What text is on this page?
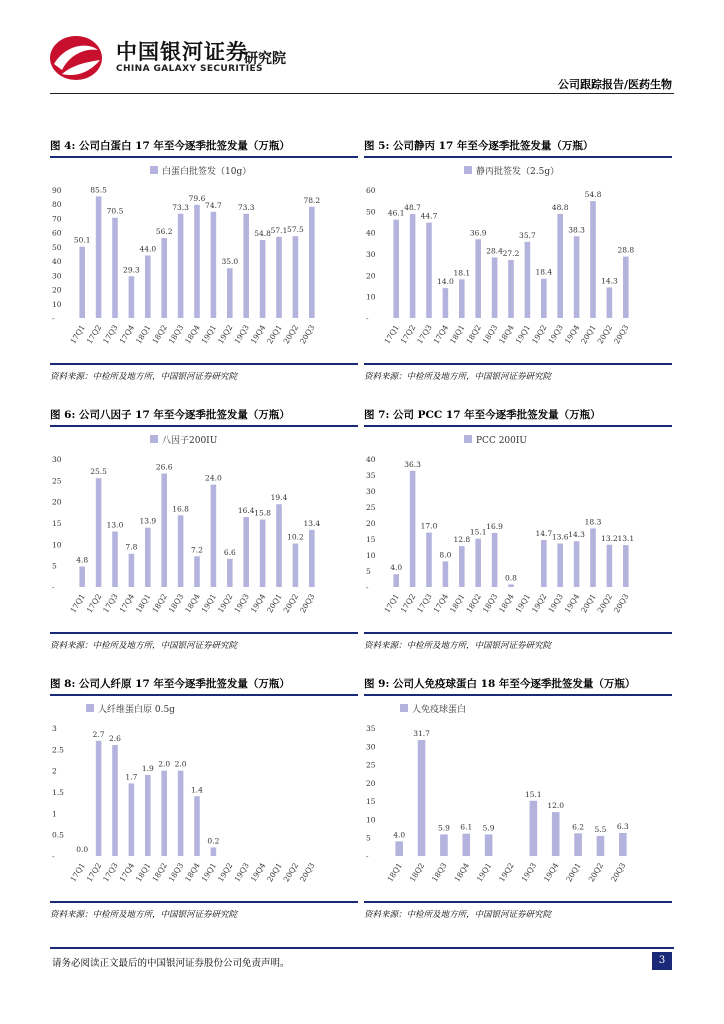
中国银河证券
CHINA GALAXY SECURITIES
研究院
公司跟踪报告/医药生物
图 4: 公司白蛋白 17 年至今逐季批签发量（万瓶）
白蛋白批签发（10g）
-
10
20
30
40
50
60
70
80
90
50.1
17Q1
85.5
17Q2
70.5
17Q3
29.3
17Q4
44.0
18Q1
56.2
18Q2
73.3
18Q3
79.6
18Q4
74.7
19Q1
35.0
19Q2
73.3
19Q3
54.8
19Q4
57.1
20Q1
57.5
20Q2
78.2
20Q3
资料来源：中检所及地方所，中国银河证券研究院
图 5: 公司静丙 17 年至今逐季批签发量（万瓶）
静丙批签发（2.5g）
-
10
20
30
40
50
60
46.1
17Q1
48.7
17Q2
44.7
17Q3
14.0
17Q4
18.1
18Q1
36.9
18Q2
28.4
18Q3
27.2
18Q4
35.7
19Q1
18.4
19Q2
48.8
19Q3
38.3
19Q4
54.8
20Q1
14.3
20Q2
28.8
20Q3
资料来源：中检所及地方所，中国银河证券研究院
图 6: 公司八因子 17 年至今逐季批签发量（万瓶）
八因子200IU
-
5
10
15
20
25
30
4.8
17Q1
25.5
17Q2
13.0
17Q3
7.8
17Q4
13.9
18Q1
26.6
18Q2
16.8
18Q3
7.2
18Q4
24.0
19Q1
6.6
19Q2
16.4
19Q3
15.8
19Q4
19.4
20Q1
10.2
20Q2
13.4
20Q3
资料来源：中检所及地方所，中国银河证券研究院
图 7: 公司 PCC 17 年至今逐季批签发量（万瓶）
PCC 200IU
-
5
10
15
20
25
30
35
40
4.0
17Q1
36.3
17Q2
17.0
17Q3
8.0
17Q4
12.8
18Q1
15.1
18Q2
16.9
18Q3
0.8
18Q4
19Q1
14.7
19Q2
13.6
19Q3
14.3
19Q4
18.3
20Q1
13.2
20Q2
13.1
20Q3
资料来源：中检所及地方所，中国银河证券研究院
图 8: 公司人纤原 17 年至今逐季批签发量（万瓶）
人纤维蛋白原 0.5g
-
0.5
1
1.5
2
2.5
3
0.0
17Q1
2.7
17Q2
2.6
17Q3
1.7
17Q4
1.9
18Q1
2.0
18Q2
2.0
18Q3
1.4
18Q4
0.2
19Q1
19Q2
19Q3
19Q4
20Q1
20Q2
20Q3
资料来源：中检所及地方所，中国银河证券研究院
图 9: 公司人免疫球蛋白 18 年至今逐季批签发量（万瓶）
人免疫球蛋白
-
5
10
15
20
25
30
35
4.0
18Q1
31.7
18Q2
5.9
18Q3
6.1
18Q4
5.9
19Q1 19Q2
15.1
19Q3
12.0
19Q4
6.2
20Q1
5.5
20Q2
6.3
20Q3
资料来源：中检所及地方所，中国银河证券研究院
请务必阅读正文最后的中国银河证券股份公司免责声明。	3
